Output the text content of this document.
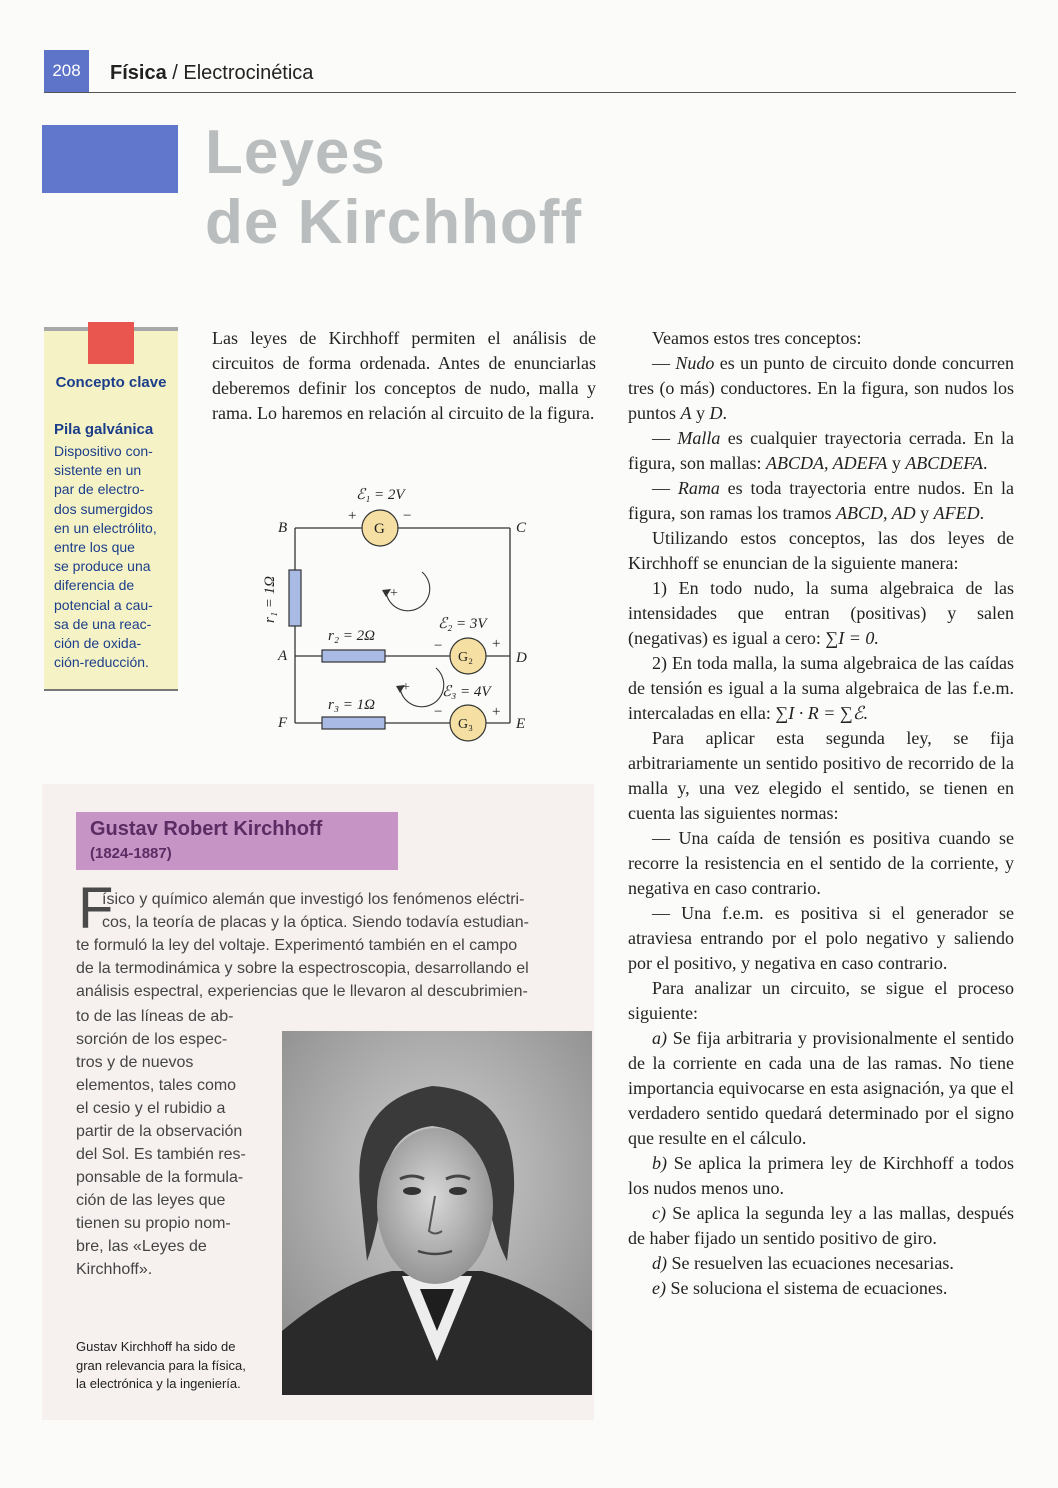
208	Física / Electrocinética
Leyes
de Kirchhoff
Concepto clave
Pila galvánica
Dispositivo con-
sistente en un
par de electro-
dos sumergidos
en un electrólito,
entre los que
se produce una
diferencia de
potencial a cau-
sa de una reac-
ción de oxida-
ción-reducción.
Las leyes de Kirchhoff permiten el análisis de circuitos de forma ordenada. Antes de enunciarlas deberemos definir los conceptos de nudo, malla y rama. Lo haremos en relación al circuito de la figura.
G
G₂
G₃
+	−
−	+
−	+
ℰ₁ = 2V
ℰ₂ = 3V
ℰ₃ = 4V
r₁ = 1Ω
r₂ = 2Ω
r₃ = 1Ω
B	C
A	D
F	E
+
+
Gustav Robert Kirchhoff
(1824-1887)
F
ísico y químico alemán que investigó los fenómenos eléctri-
cos, la teoría de placas y la óptica. Siendo todavía estudian-
te formuló la ley del voltaje. Experimentó también en el campo
de la termodinámica y sobre la espectroscopia, desarrollando el
análisis espectral, experiencias que le llevaron al descubrimien-
to de las líneas de ab-
sorción de los espec-
tros y de nuevos
elementos, tales como
el cesio y el rubidio a
partir de la observación
del Sol. Es también res-
ponsable de la formula-
ción de las leyes que
tienen su propio nom-
bre, las «Leyes de
Kirchhoff».
Gustav Kirchhoff ha sido de
gran relevancia para la física,
la electrónica y la ingeniería.

Veamos estos tres conceptos:

— Nudo es un punto de circuito donde concurren tres (o más) conductores. En la figura, son nudos los puntos A y D.

— Malla es cualquier trayectoria cerrada. En la figura, son mallas: ABCDA, ADEFA y ABCDEFA.

— Rama es toda trayectoria entre nudos. En la figura, son ramas los tramos ABCD, AD y AFED.

Utilizando estos conceptos, las dos leyes de Kirchhoff se enuncian de la siguiente manera:

1) En todo nudo, la suma algebraica de las intensidades que entran (positivas) y salen (negativas) es igual a cero: ∑I = 0.

2) En toda malla, la suma algebraica de las caídas de tensión es igual a la suma algebraica de las f.e.m. intercaladas en ella: ∑I · R = ∑ℰ.

Para aplicar esta segunda ley, se fija arbitrariamente un sentido positivo de recorrido de la malla y, una vez elegido el sentido, se tienen en cuenta las siguientes normas:

— Una caída de tensión es positiva cuando se recorre la resistencia en el sentido de la corriente, y negativa en caso contrario.

— Una f.e.m. es positiva si el generador se atraviesa entrando por el polo negativo y saliendo por el positivo, y negativa en caso contrario.

Para analizar un circuito, se sigue el proceso siguiente:

a) Se fija arbitraria y provisionalmente el sentido de la corriente en cada una de las ramas. No tiene importancia equivocarse en esta asignación, ya que el verdadero sentido quedará determinado por el signo que resulte en el cálculo.

b) Se aplica la primera ley de Kirchhoff a todos los nudos menos uno.

c) Se aplica la segunda ley a las mallas, después de haber fijado un sentido positivo de giro.

d) Se resuelven las ecuaciones necesarias.

e) Se soluciona el sistema de ecuaciones.
